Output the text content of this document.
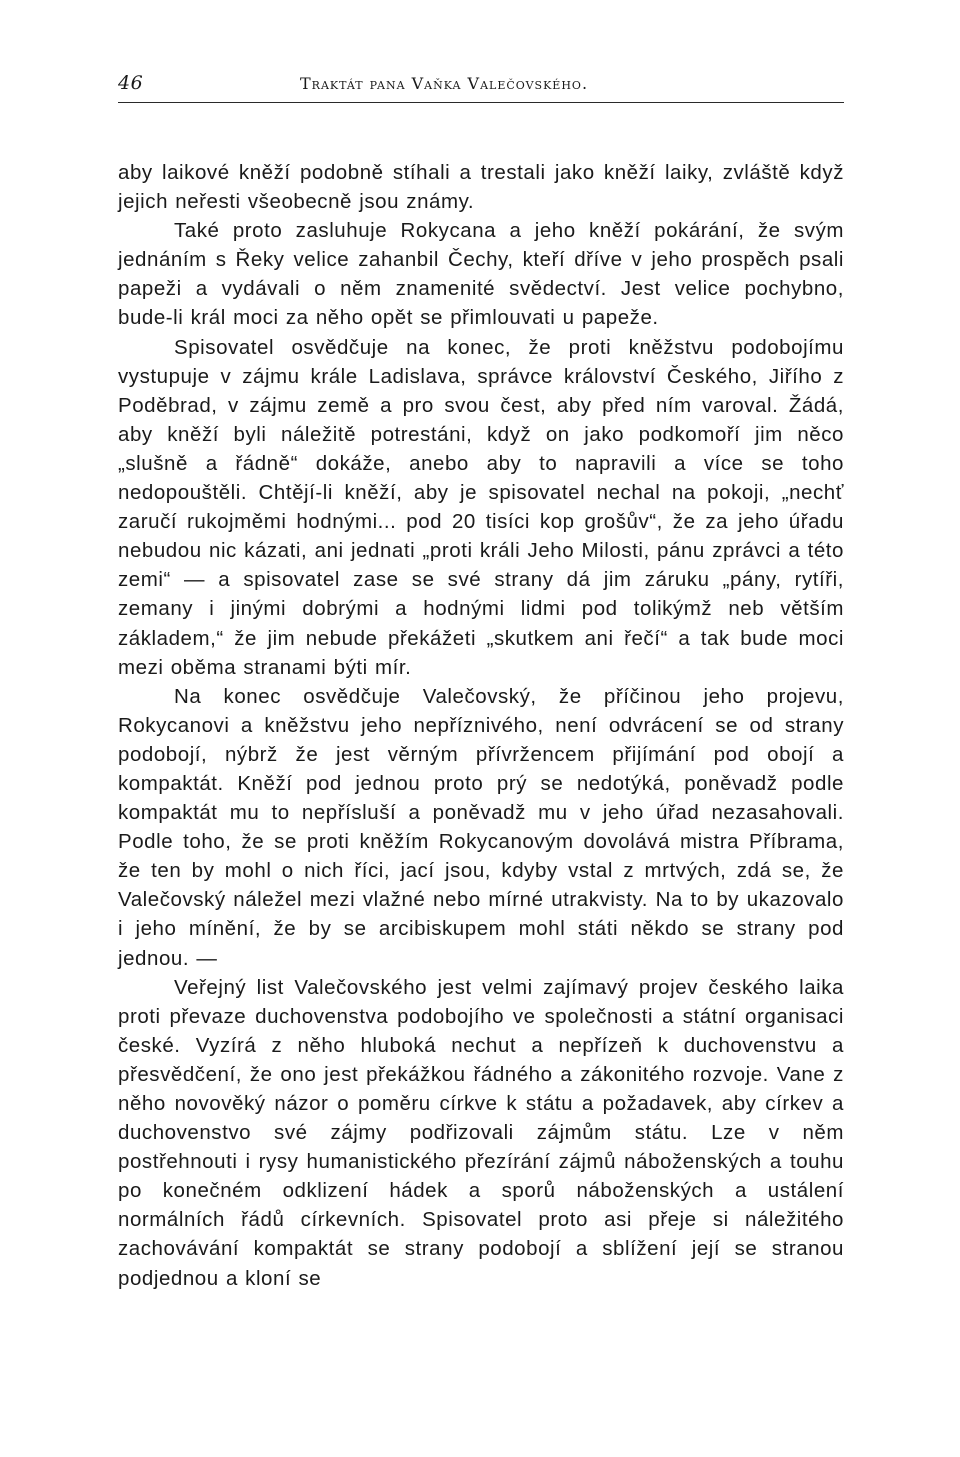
46	Traktát pana Vaňka Valečovského.

aby laikové kněží podobně stíhali a trestali jako kněží laiky, zvláště když jejich neřesti všeobecně jsou známy.

Také proto zasluhuje Rokycana a jeho kněží pokárání, že svým jednáním s Řeky velice zahanbil Čechy, kteří dříve v jeho prospěch psali papeži a vydávali o něm znamenité svědectví. Jest velice pochybno, bude-li král moci za něho opět se přimlouvati u papeže.

Spisovatel osvědčuje na konec, že proti kněžstvu podobojímu vystupuje v zájmu krále Ladislava, správce království Českého, Jiřího z Poděbrad, v zájmu země a pro svou čest, aby před ním varoval. Žádá, aby kněží byli náležitě potrestáni, když on jako podkomoří jim něco „slušně a řádně“ dokáže, anebo aby to napravili a více se toho nedopouštěli. Chtějí-li kněží, aby je spisovatel nechal na pokoji, „nechť zaručí rukojměmi hodnými... pod 20 tisíci kop grošův“, že za jeho úřadu nebudou nic kázati, ani jednati „proti králi Jeho Milosti, pánu zprávci a této zemi“ — a spisovatel zase se své strany dá jim záruku „pány, rytíři, zemany i jinými dobrými a hodnými lidmi pod tolikýmž neb větším základem,“ že jim nebude překážeti „skutkem ani řečí“ a tak bude moci mezi oběma stranami býti mír.

Na konec osvědčuje Valečovský, že příčinou jeho projevu, Rokycanovi a kněžstvu jeho nepříznivého, není odvrácení se od strany podobojí, nýbrž že jest věrným přívržencem přijímání pod obojí a kompaktát. Kněží pod jednou proto prý se nedotýká, poněvadž podle kompaktát mu to nepřísluší a poněvadž mu v jeho úřad nezasahovali. Podle toho, že se proti kněžím Rokycanovým dovolává mistra Příbrama, že ten by mohl o nich říci, jací jsou, kdyby vstal z mrtvých, zdá se, že Valečovský náležel mezi vlažné nebo mírné utrakvisty. Na to by ukazovalo i jeho mínění, že by se arcibiskupem mohl státi někdo se strany pod jednou. —

Veřejný list Valečovského jest velmi zajímavý projev českého laika proti převaze duchovenstva podobojího ve společnosti a státní organisaci české. Vyzírá z něho hluboká nechut a nepřízeň k duchovenstvu a přesvědčení, že ono jest překážkou řádného a zákonitého rozvoje. Vane z něho novověký názor o poměru církve k státu a požadavek, aby církev a duchovenstvo své zájmy podřizovali zájmům státu. Lze v něm postřehnouti i rysy humanistického přezírání zájmů náboženských a touhu po konečném odklizení hádek a sporů náboženských a ustálení normálních řádů církevních. Spisovatel proto asi přeje si náležitého zachovávání kompaktát se strany podobojí a sblížení její se stranou podjednou a kloní se
